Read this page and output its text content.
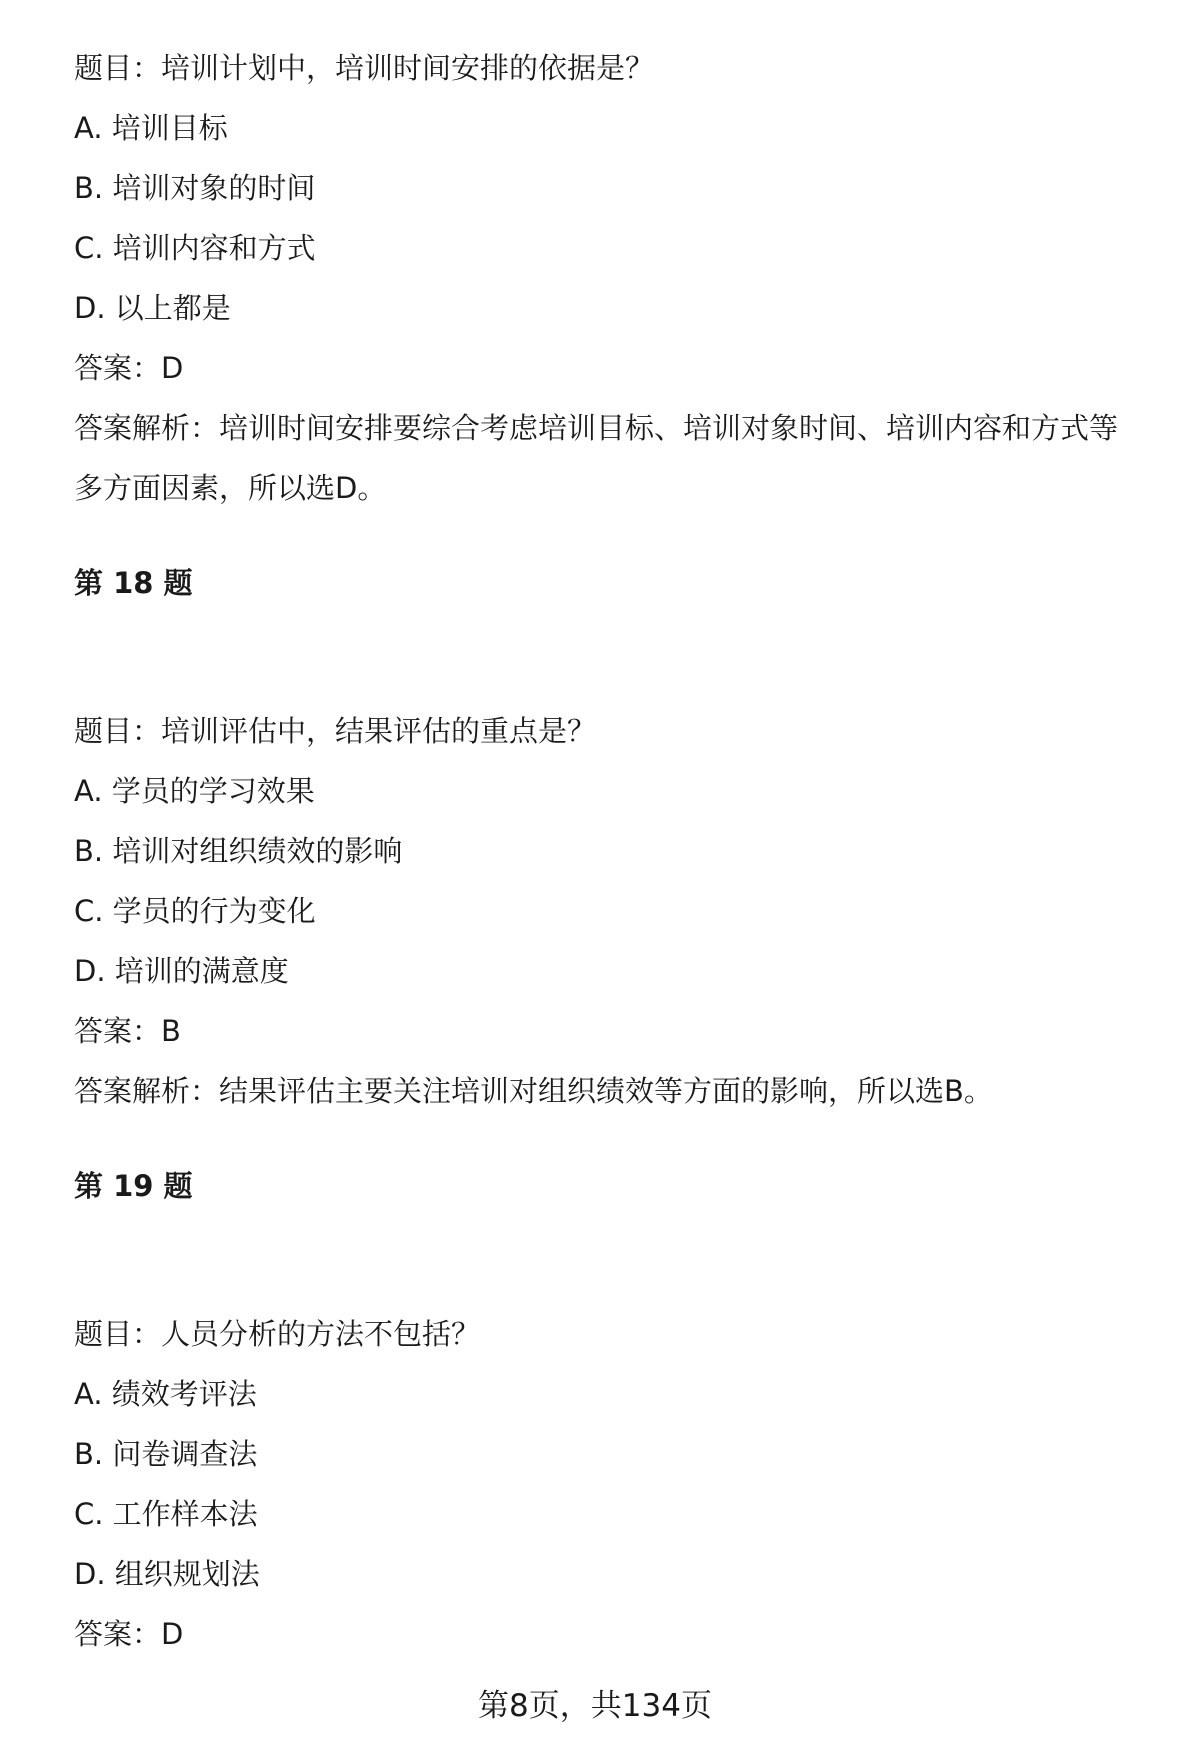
题目：培训计划中，培训时间安排的依据是？
A. 培训目标
B. 培训对象的时间
C. 培训内容和方式
D. 以上都是
答案：D
答案解析：培训时间安排要综合考虑培训目标、培训对象时间、培训内容和方式等
多方面因素，所以选D。
第 18 题
题目：培训评估中，结果评估的重点是？
A. 学员的学习效果
B. 培训对组织绩效的影响
C. 学员的行为变化
D. 培训的满意度
答案：B
答案解析：结果评估主要关注培训对组织绩效等方面的影响，所以选B。
第 19 题
题目：人员分析的方法不包括？
A. 绩效考评法
B. 问卷调查法
C. 工作样本法
D. 组织规划法
答案：D
第8页，共134页
